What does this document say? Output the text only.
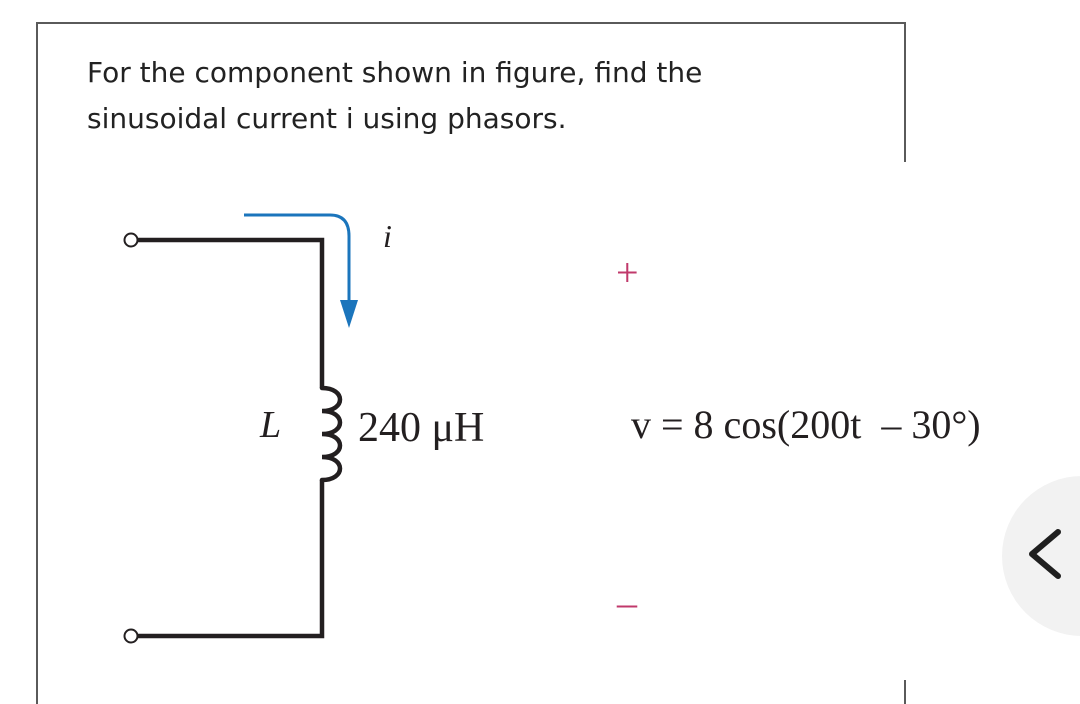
For the component shown in figure, find the
sinusoidal current i using phasors.

i
L 240 μH
+
–
v = 8 cos(200t  – 30°)
